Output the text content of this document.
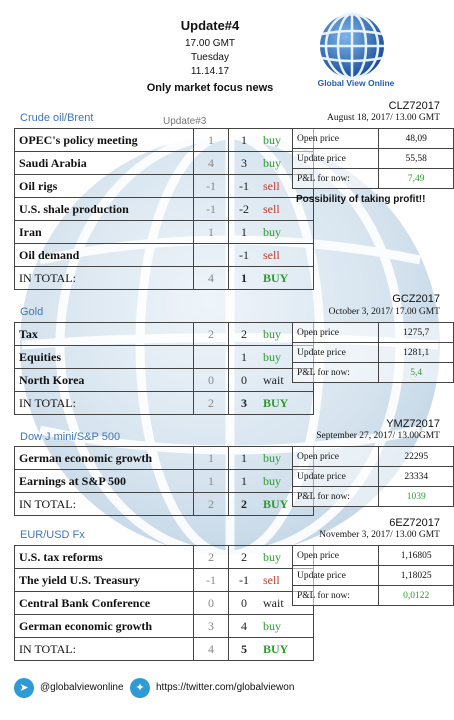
Update#4
17.00 GMT
Tuesday
11.14.17
Only market focus news	Global View Online
Crude oil/Brent	Update#3
OPEC's policy meeting	1	1	buy
Saudi Arabia	4	3	buy
Oil rigs	-1	-1	sell
U.S. shale production	-1	-2	sell
Iran	1	1	buy
Oil demand		-1	sell
IN TOTAL:	4	1	BUY
CLZ72017
August 18, 2017/ 13.00 GMT
Open price	48,09
Update price	55,58
P&L for now:	7,49
Possibility of taking profit!!
Gold
Tax	2	2	buy
Equities		1	buy
North Korea	0	0	wait
IN TOTAL:	2	3	BUY
GCZ2017
October 3, 2017/ 17.00 GMT
Open price	1275,7
Update price	1281,1
P&L for now:	5,4
Dow J mini/S&P 500
German economic growth	1	1	buy
Earnings at S&P 500	1	1	buy
IN TOTAL:	2	2	BUY
YMZ72017
September 27, 2017/ 13.00GMT
Open price	22295
Update price	23334
P&L for now:	1039
EUR/USD Fx
U.S. tax reforms	2	2	buy
The yield U.S. Treasury	-1	-1	sell
Central Bank Conference	0	0	wait
German economic growth	3	4	buy
IN TOTAL:	4	5	BUY
6EZ72017
November 3, 2017/ 13.00 GMT
Open price	1,16805
Update price	1,18025
P&L for now:	0,0122
➤	@globalviewonline	✦	https://twitter.com/globalviewon
